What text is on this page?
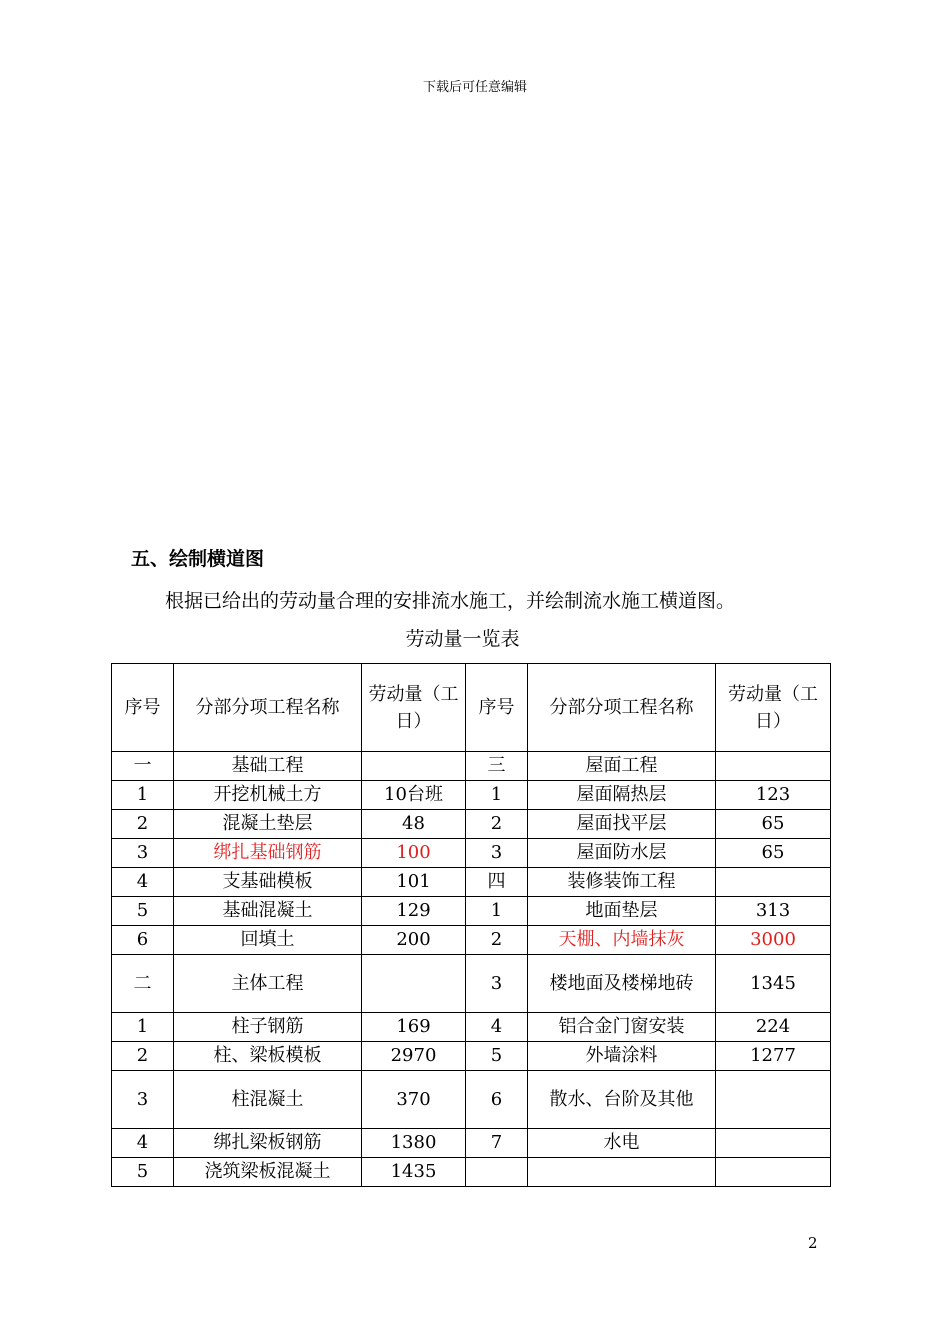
下载后可任意编辑
五、绘制横道图
根据已给出的劳动量合理的安排流水施工，并绘制流水施工横道图。
劳动量一览表
序号	分部分项工程名称	劳动量（工日）	序号	分部分项工程名称	劳动量（工日）
一	基础工程		三	屋面工程	
1	开挖机械土方	10台班	1	屋面隔热层	123
2	混凝土垫层	48	2	屋面找平层	65
3	绑扎基础钢筋	100	3	屋面防水层	65
4	支基础模板	101	四	装修装饰工程	
5	基础混凝土	129	1	地面垫层	313
6	回填土	200	2	天棚、内墙抹灰	3000
二	主体工程		3	楼地面及楼梯地砖	1345
1	柱子钢筋	169	4	铝合金门窗安装	224
2	柱、梁板模板	2970	5	外墙涂料	1277
3	柱混凝土	370	6	散水、台阶及其他	
4	绑扎梁板钢筋	1380	7	水电	
5	浇筑梁板混凝土	1435			
2
